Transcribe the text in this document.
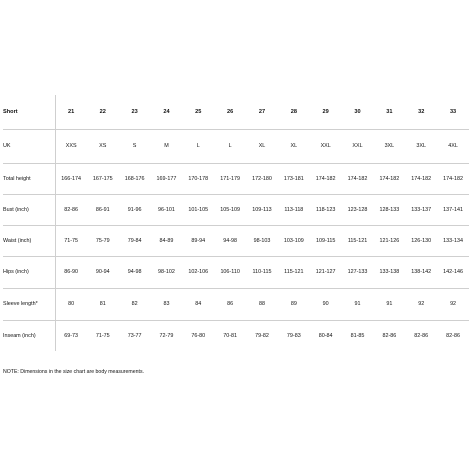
Short	21	22	23	24	25	26	27	28	29	30	31	32	33
UK	XXS	XS	S	M	L	L	XL	XL	XXL	XXL	3XL	3XL	4XL
Total height	166-174	167-175	168-176	169-177	170-178	171-179	172-180	173-181	174-182	174-182	174-182	174-182	174-182
Bust (inch)	82-86	86-91	91-96	96-101	101-105	105-109	109-113	113-118	118-123	123-128	128-133	133-137	137-141
Waist (inch)	71-75	75-79	79-84	84-89	89-94	94-98	98-103	103-109	109-115	115-121	121-126	126-130	133-134
Hips (inch)	86-90	90-94	94-98	98-102	102-106	106-110	110-115	115-121	121-127	127-133	133-138	138-142	142-146
Sleeve length*	80	81	82	83	84	86	88	89	90	91	91	92	92
Inseam (inch)	69-73	71-75	73-77	72-79	76-80	70-81	79-82	79-83	80-84	81-85	82-86	82-86	82-86
NOTE: Dimensions in the size chart are body measurements.
